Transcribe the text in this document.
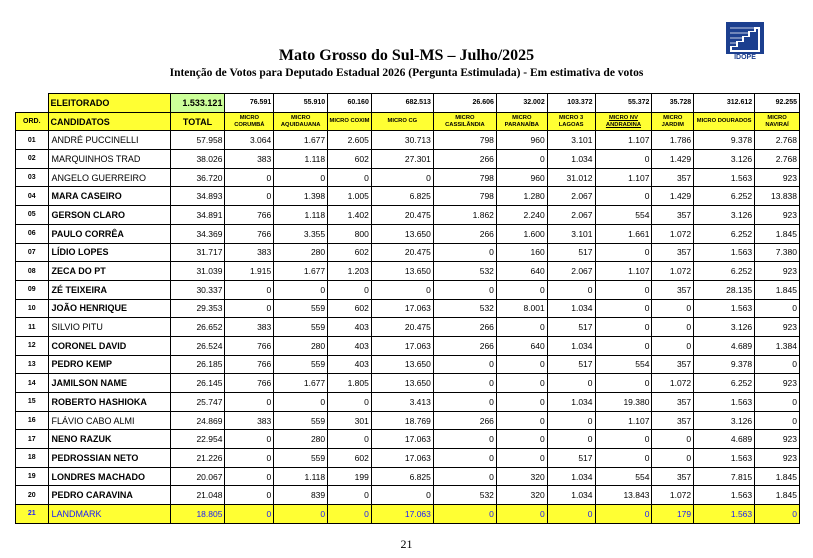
Mato Grosso do Sul-MS – Julho/2025
Intenção de Votos para Deputado Estadual 2026 (Pergunta Estimulada) - Em estimativa de votos
IDOPE
	ELEITORADO	1.533.121	76.591	55.910	60.160	682.513	26.606	32.002	103.372	55.372	35.728	312.612	92.255
ORD.	CANDIDATOS	TOTAL	MICRO CORUMBÁ	MICRO AQUIDAUANA	MICRO COXIM	MICRO CG	MICRO CASSILÂNDIA	MICRO PARANAÍBA	MICRO 3 LAGOAS	MICRO NV ANDRADINA	MICRO JARDIM	MICRO DOURADOS	MICRO NAVIRAÍ
01	ANDRÉ PUCCINELLI	57.958	3.064	1.677	2.605	30.713	798	960	3.101	1.107	1.786	9.378	2.768
02	MARQUINHOS TRAD	38.026	383	1.118	602	27.301	266	0	1.034	0	1.429	3.126	2.768
03	ANGELO GUERREIRO	36.720	0	0	0	0	798	960	31.012	1.107	357	1.563	923
04	MARA CASEIRO	34.893	0	1.398	1.005	6.825	798	1.280	2.067	0	1.429	6.252	13.838
05	GERSON CLARO	34.891	766	1.118	1.402	20.475	1.862	2.240	2.067	554	357	3.126	923
06	PAULO CORRÊA	34.369	766	3.355	800	13.650	266	1.600	3.101	1.661	1.072	6.252	1.845
07	LÍDIO LOPES	31.717	383	280	602	20.475	0	160	517	0	357	1.563	7.380
08	ZECA DO PT	31.039	1.915	1.677	1.203	13.650	532	640	2.067	1.107	1.072	6.252	923
09	ZÉ TEIXEIRA	30.337	0	0	0	0	0	0	0	0	357	28.135	1.845
10	JOÃO HENRIQUE	29.353	0	559	602	17.063	532	8.001	1.034	0	0	1.563	0
11	SILVIO PITU	26.652	383	559	403	20.475	266	0	517	0	0	3.126	923
12	CORONEL DAVID	26.524	766	280	403	17.063	266	640	1.034	0	0	4.689	1.384
13	PEDRO KEMP	26.185	766	559	403	13.650	0	0	517	554	357	9.378	0
14	JAMILSON NAME	26.145	766	1.677	1.805	13.650	0	0	0	0	1.072	6.252	923
15	ROBERTO HASHIOKA	25.747	0	0	0	3.413	0	0	1.034	19.380	357	1.563	0
16	FLÁVIO CABO ALMI	24.869	383	559	301	18.769	266	0	0	1.107	357	3.126	0
17	NENO RAZUK	22.954	0	280	0	17.063	0	0	0	0	0	4.689	923
18	PEDROSSIAN NETO	21.226	0	559	602	17.063	0	0	517	0	0	1.563	923
19	LONDRES MACHADO	20.067	0	1.118	199	6.825	0	320	1.034	554	357	7.815	1.845
20	PEDRO CARAVINA	21.048	0	839	0	0	532	320	1.034	13.843	1.072	1.563	1.845
21	LANDMARK	18.805	0	0	0	17.063	0	0	0	0	179	1.563	0
21
